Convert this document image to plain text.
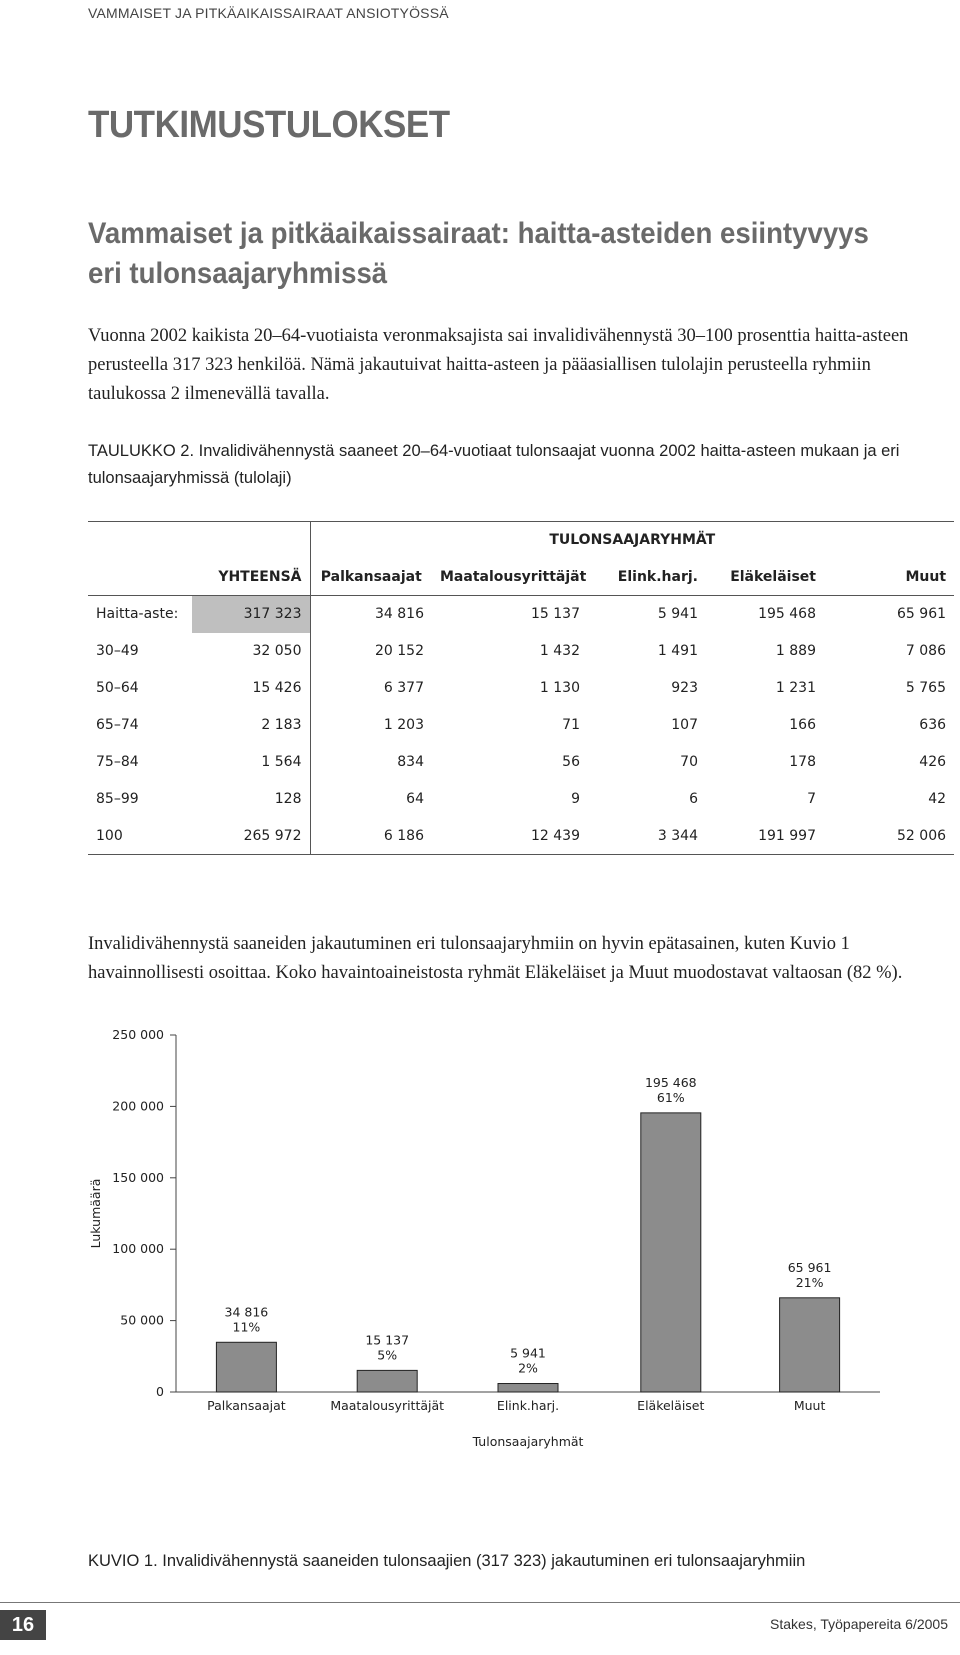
VAMMAISET JA PITKÄAIKAISSAIRAAT ANSIOTYÖSSÄ
TUTKIMUSTULOKSET
Vammaiset ja pitkäaikaissairaat: haitta-asteiden esiintyvyys eri tulonsaajaryhmissä

Vuonna 2002 kaikista 20–64-vuotiaista veronmaksajista sai invalidivähennystä 30–100 prosenttia haitta-asteen perusteella 317 323 henkilöä. Nämä jakautuivat haitta-asteen ja pääasiallisen tulolajin perusteella ryhmiin taulukossa 2 ilmenevällä tavalla.

TAULUKKO 2. Invalidivähennystä saaneet 20–64-vuotiaat tulonsaajat vuonna 2002 haitta-asteen mukaan ja eri tulonsaajaryhmissä (tulolaji)

		TULONSAAJARYHMÄT				
	YHTEENSÄ	Palkansaajat	Maatalousyrittäjät	Elink.harj.	Eläkeläiset	Muut
Haitta-aste:	317 323	34 816	15 137	5 941	195 468	65 961
30–49	32 050	20 152	1 432	1 491	1 889	7 086
50–64	15 426	6 377	1 130	923	1 231	5 765
65–74	2 183	1 203	71	107	166	636
75–84	1 564	834	56	70	178	426
85–99	128	64	9	6	7	42
100	265 972	6 186	12 439	3 344	191 997	52 006

Invalidivähennystä saaneiden jakautuminen eri tulonsaajaryhmiin on hyvin epätasainen, kuten Kuvio 1 havainnollisesti osoittaa. Koko havaintoaineistosta ryhmät Eläkeläiset ja Muut muodostavat valtaosan (82 %).

0
50 000
100 000
150 000
200 000
250 000
Lukumäärä
34 816
11%
Palkansaajat
15 137
5%
Maatalousyrittäjät
5 941
2%
Elink.harj.
195 468
61%
Eläkeläiset
65 961
21%
Muut
Tulonsaajaryhmät

KUVIO 1. Invalidivähennystä saaneiden tulonsaajien (317 323) jakautuminen eri tulonsaajaryhmiin

16	Stakes, Työpapereita 6/2005
